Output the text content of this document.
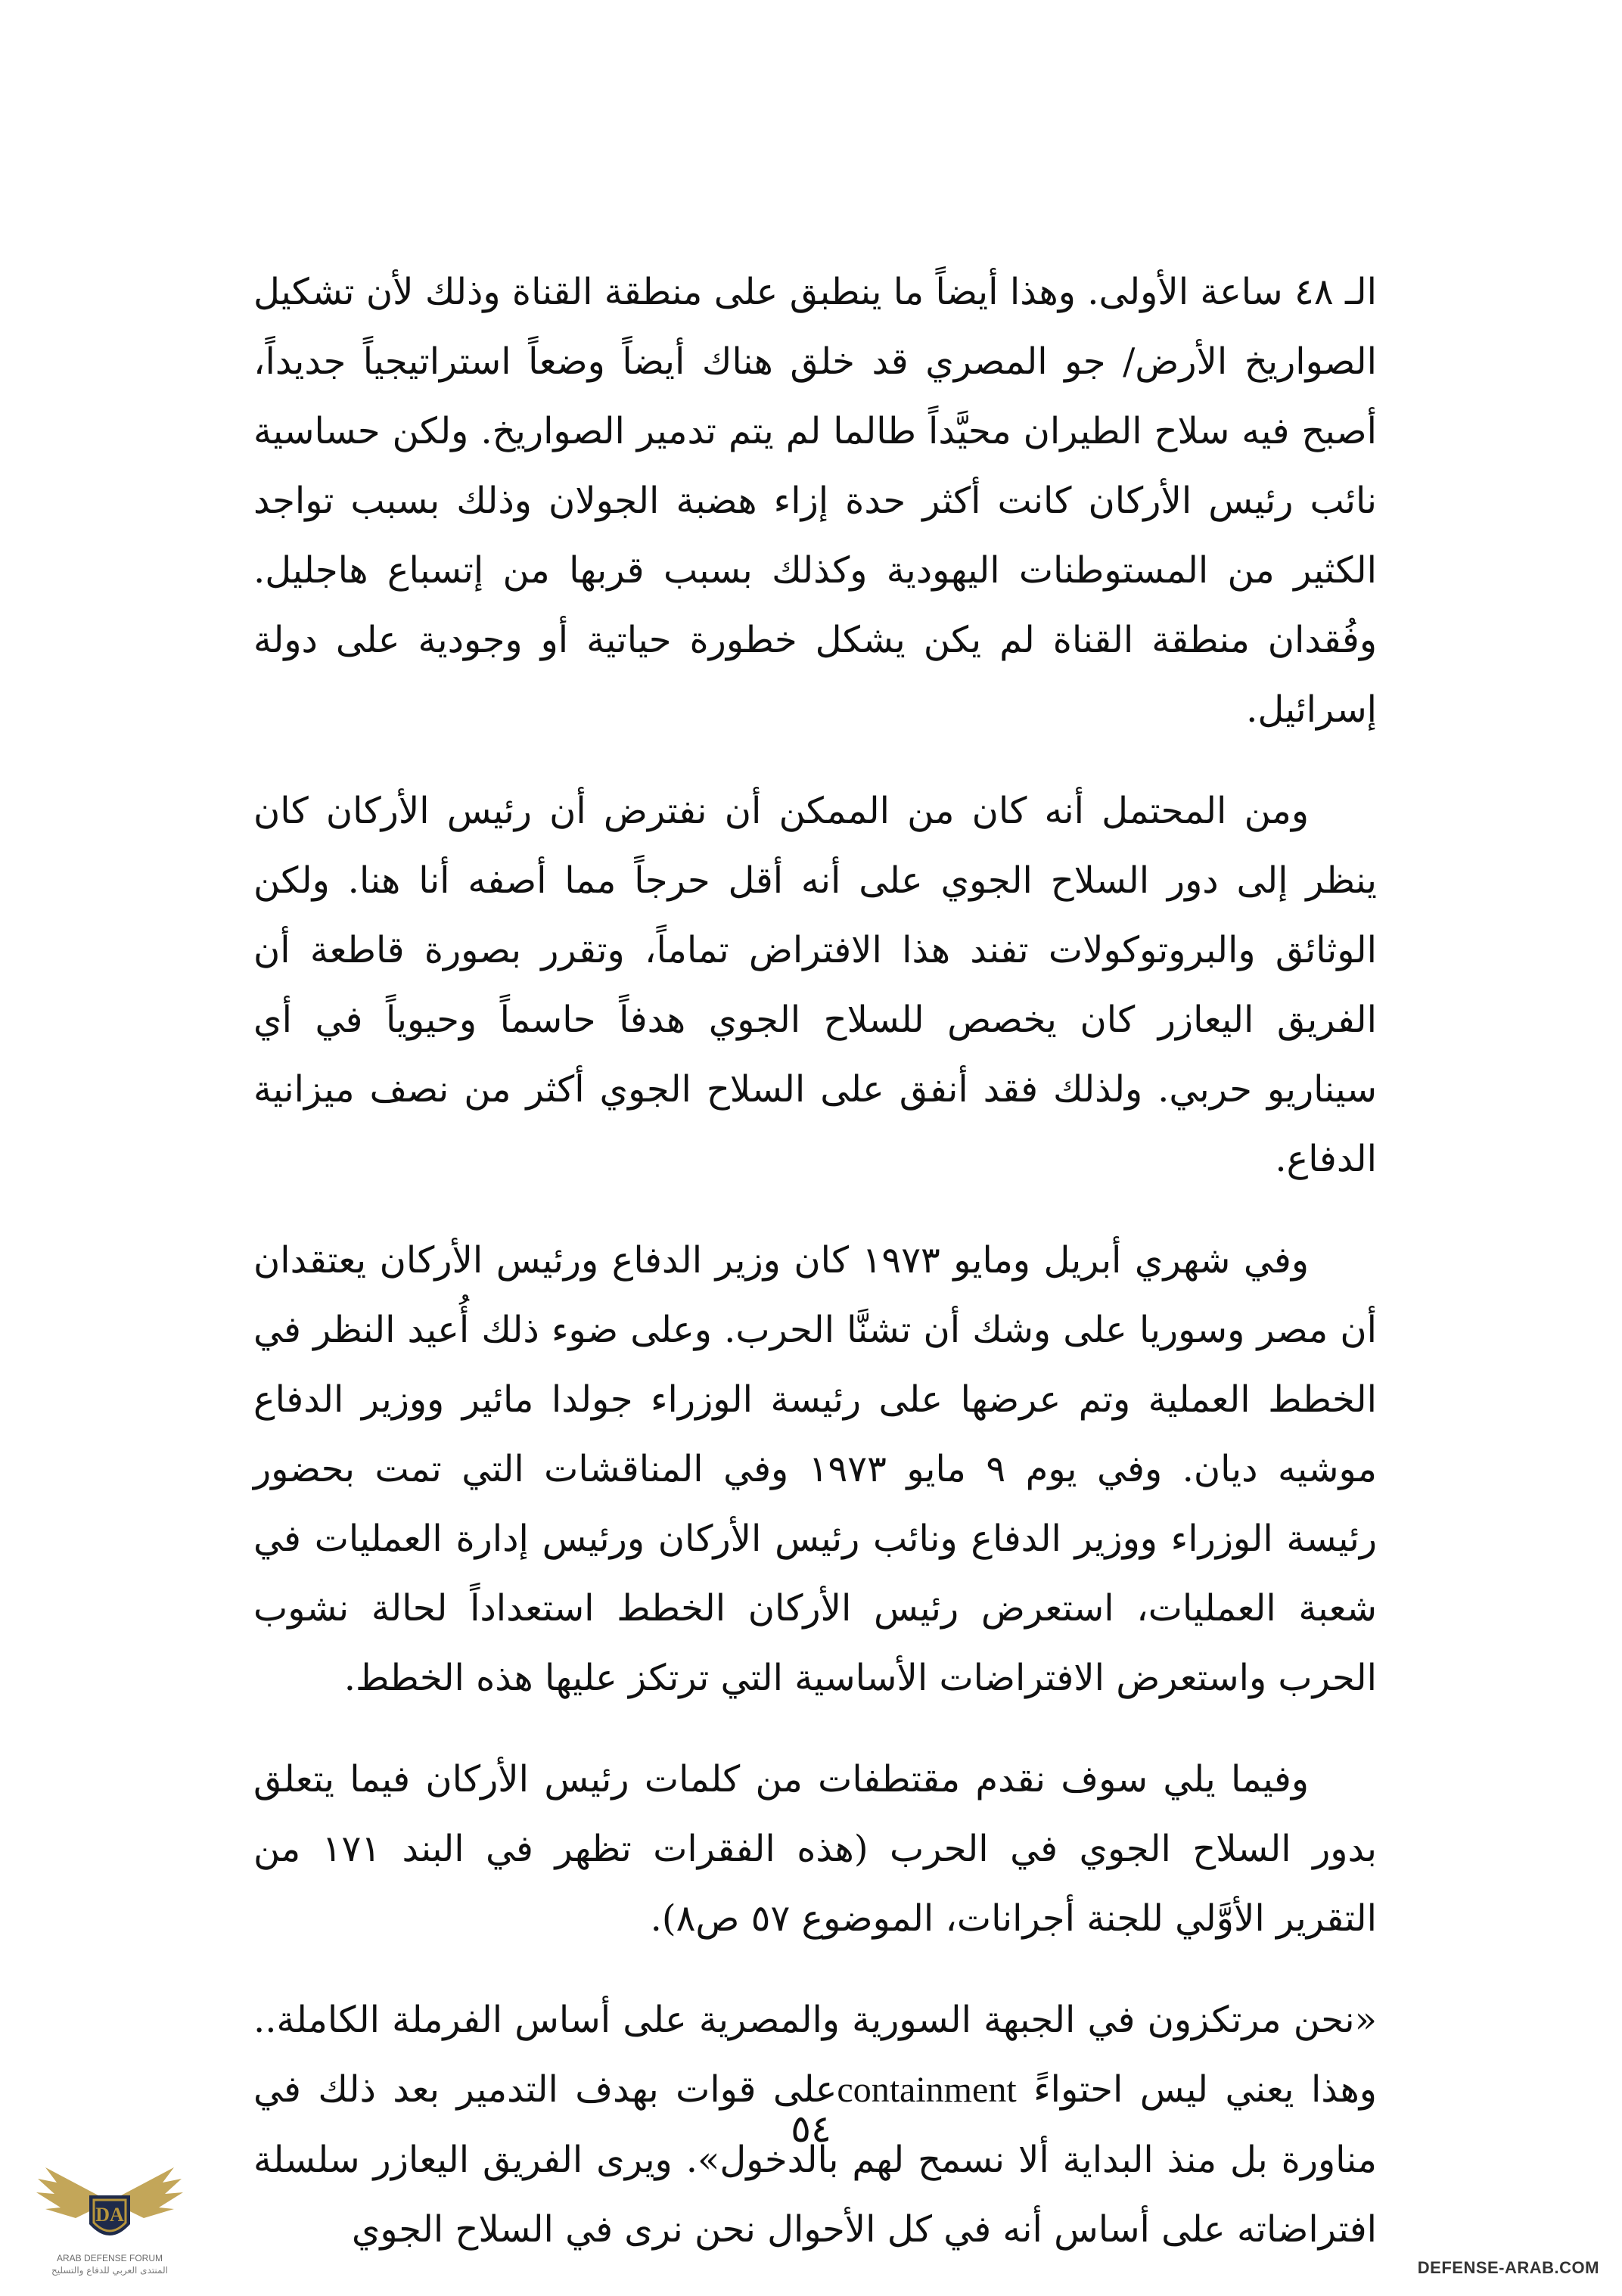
الـ ٤٨ ساعة الأولى. وهذا أيضاً ما ينطبق على منطقة القناة وذلك لأن تشكيل الصواريخ الأرض/ جو المصري قد خلق هناك أيضاً وضعاً استراتيجياً جديداً، أصبح فيه سلاح الطيران محيَّداً طالما لم يتم تدمير الصواريخ. ولكن حساسية نائب رئيس الأركان كانت أكثر حدة إزاء هضبة الجولان وذلك بسبب تواجد الكثير من المستوطنات اليهودية وكذلك بسبب قربها من إتسباع هاجليل. وفُقدان منطقة القناة لم يكن يشكل خطورة حياتية أو وجودية على دولة إسرائيل.

ومن المحتمل أنه كان من الممكن أن نفترض أن رئيس الأركان كان ينظر إلى دور السلاح الجوي على أنه أقل حرجاً مما أصفه أنا هنا. ولكن الوثائق والبروتوكولات تفند هذا الافتراض تماماً، وتقرر بصورة قاطعة أن الفريق اليعازر كان يخصص للسلاح الجوي هدفاً حاسماً وحيوياً في أي سيناريو حربي. ولذلك فقد أنفق على السلاح الجوي أكثر من نصف ميزانية الدفاع.

وفي شهري أبريل ومايو ١٩٧٣ كان وزير الدفاع ورئيس الأركان يعتقدان أن مصر وسوريا على وشك أن تشنَّا الحرب. وعلى ضوء ذلك أُعيد النظر في الخطط العملية وتم عرضها على رئيسة الوزراء جولدا مائير ووزير الدفاع موشيه ديان. وفي يوم ٩ مايو ١٩٧٣ وفي المناقشات التي تمت بحضور رئيسة الوزراء ووزير الدفاع ونائب رئيس الأركان ورئيس إدارة العمليات في شعبة العمليات، استعرض رئيس الأركان الخطط استعداداً لحالة نشوب الحرب واستعرض الافتراضات الأساسية التي ترتكز عليها هذه الخطط.

وفيما يلي سوف نقدم مقتطفات من كلمات رئيس الأركان فيما يتعلق بدور السلاح الجوي في الحرب (هذه الفقرات تظهر في البند ١٧١ من التقرير الأوَّلي للجنة أجرانات، الموضوع ٥٧ ص٨).

«نحن مرتكزون في الجبهة السورية والمصرية على أساس الفرملة الكاملة.. وهذا يعني ليس احتواءً containmentعلى قوات بهدف التدمير بعد ذلك في مناورة بل منذ البداية ألا نسمح لهم بالدخول». ويرى الفريق اليعازر سلسلة افتراضاته على أساس أنه في كل الأحوال نحن نرى في السلاح الجوي

٥٤
DA
ARAB DEFENSE FORUM
المنتدى العربي للدفاع والتسليح	DEFENSE-ARAB.COM
